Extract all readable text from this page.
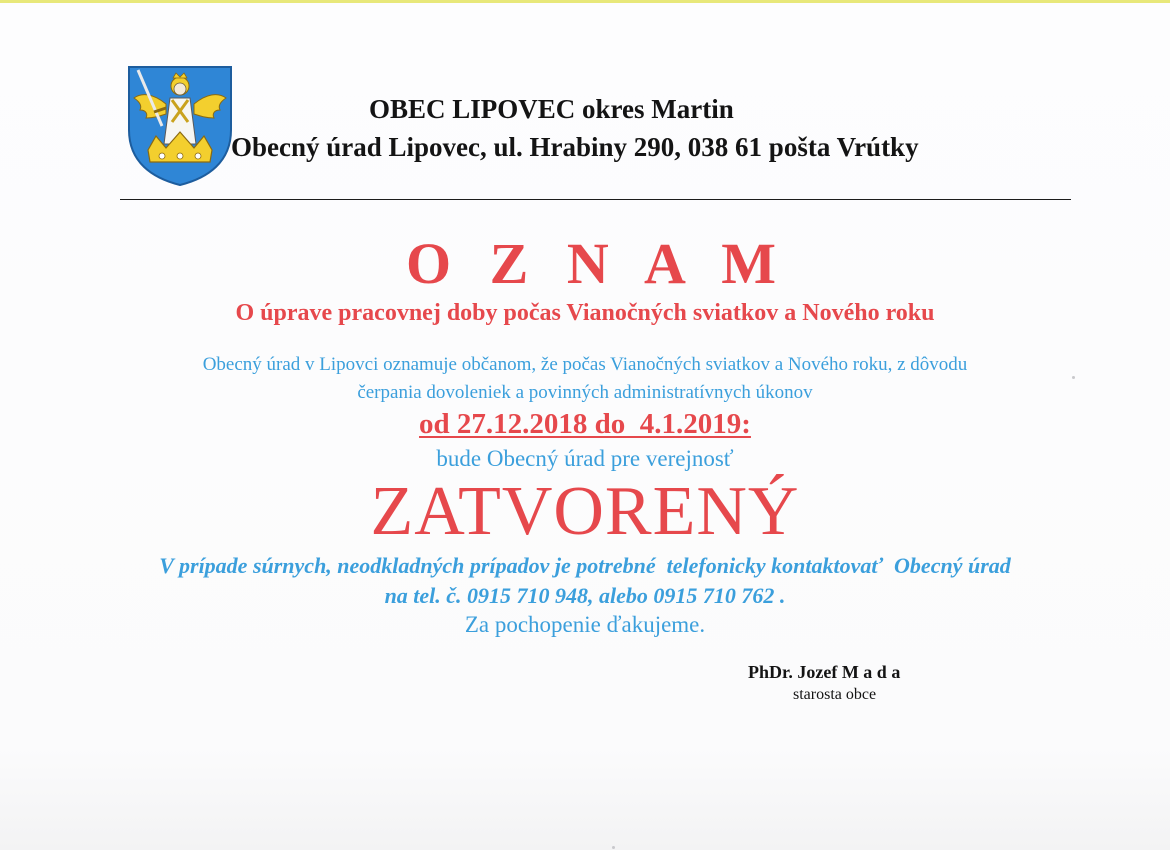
OBEC LIPOVEC okres Martin

Obecný úrad Lipovec, ul. Hrabiny 290, 038 61 pošta Vrútky

O Z N A M

O úprave pracovnej doby počas Vianočných sviatkov a Nového roku

Obecný úrad v Lipovci oznamuje občanom, že počas Vianočných sviatkov a Nového roku, z dôvodu

čerpania dovoleniek a povinných administratívnych úkonov

od 27.12.2018 do  4.1.2019:

bude Obecný úrad pre verejnosť

ZATVORENÝ

V prípade súrnych, neodkladných prípadov je potrebné  telefonicky kontaktovať  Obecný úrad

na tel. č. 0915 710 948, alebo 0915 710 762 .

Za pochopenie ďakujeme.

PhDr. Jozef M a d a

starosta obce
